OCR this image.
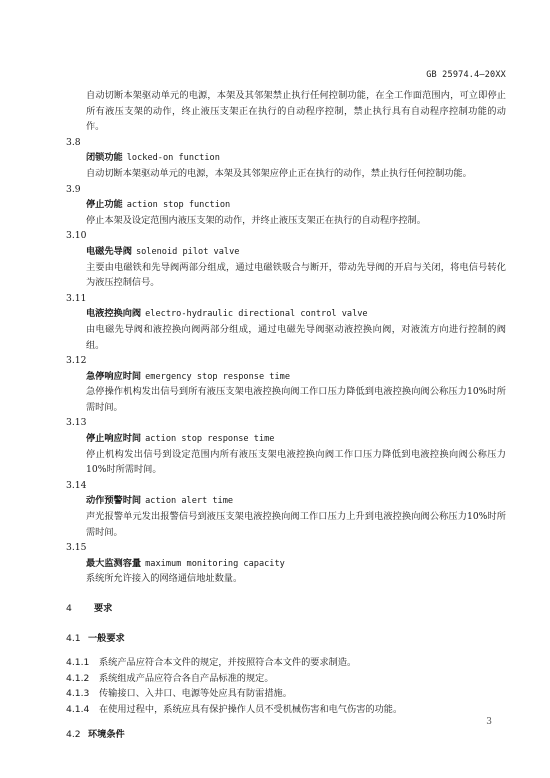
GB 25974.4—20XX
自动切断本架驱动单元的电源，本架及其邻架禁止执行任何控制功能，在全工作面范围内，可立即停止所有液压支架的动作，终止液压支架正在执行的自动程序控制，禁止执行具有自动程序控制功能的动作。
3.8
闭锁功能 locked-on function
自动切断本架驱动单元的电源，本架及其邻架应停止正在执行的动作，禁止执行任何控制功能。
3.9
停止功能 action stop function
停止本架及设定范围内液压支架的动作，并终止液压支架正在执行的自动程序控制。
3.10
电磁先导阀 solenoid pilot valve
主要由电磁铁和先导阀两部分组成，通过电磁铁吸合与断开，带动先导阀的开启与关闭，将电信号转化为液压控制信号。
3.11
电液控换向阀 electro-hydraulic directional control valve
由电磁先导阀和液控换向阀两部分组成，通过电磁先导阀驱动液控换向阀，对液流方向进行控制的阀组。
3.12
急停响应时间 emergency stop response time
急停操作机构发出信号到所有液压支架电液控换向阀工作口压力降低到电液控换向阀公称压力10%时所需时间。
3.13
停止响应时间 action stop response time
停止机构发出信号到设定范围内所有液压支架电液控换向阀工作口压力降低到电液控换向阀公称压力10%时所需时间。
3.14
动作预警时间 action alert time
声光报警单元发出报警信号到液压支架电液控换向阀工作口压力上升到电液控换向阀公称压力10%时所需时间。
3.15
最大监测容量 maximum monitoring capacity
系统所允许接入的网络通信地址数量。
4	要求
4.1 一般要求
4.1.1	系统产品应符合本文件的规定，并按照符合本文件的要求制造。
4.1.2	系统组成产品应符合各自产品标准的规定。
4.1.3	传输接口、入井口、电源等处应具有防雷措施。
4.1.4	在使用过程中，系统应具有保护操作人员不受机械伤害和电气伤害的功能。
4.2 环境条件
3
